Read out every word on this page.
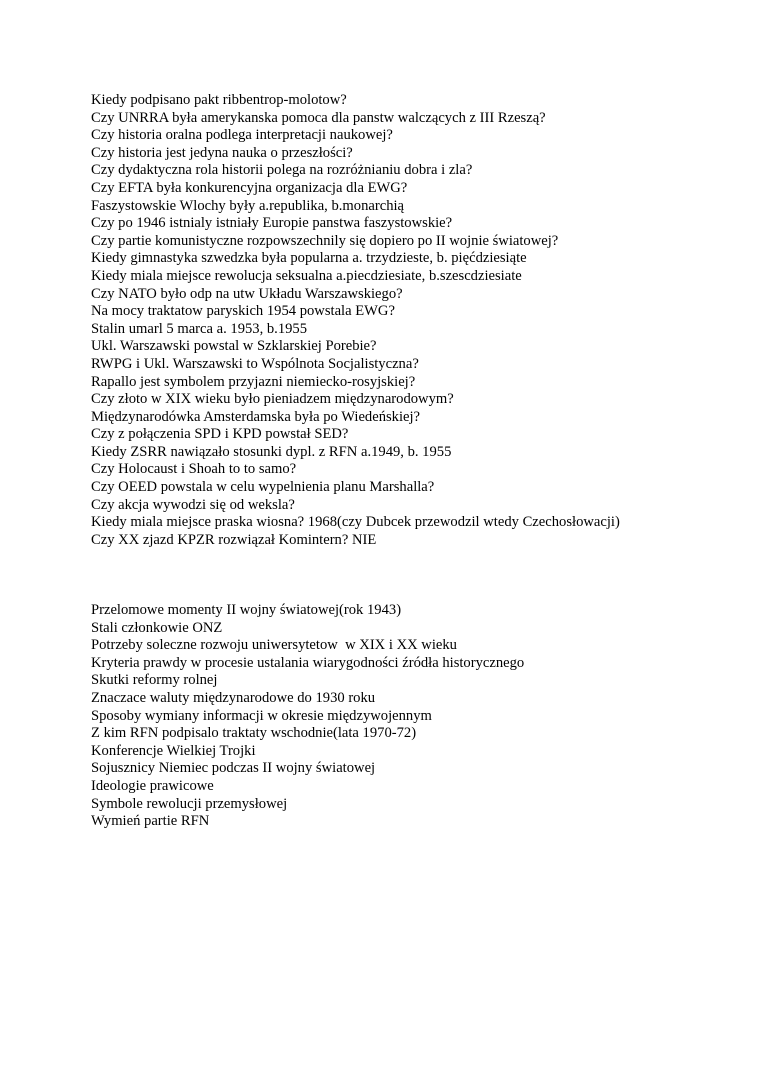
Kiedy podpisano pakt ribbentrop-molotow?
Czy UNRRA była amerykanska pomoca dla panstw walczących z III Rzeszą?
Czy historia oralna podlega interpretacji naukowej?
Czy historia jest jedyna nauka o przeszłości?
Czy dydaktyczna rola historii polega na rozróżnianiu dobra i zla?
Czy EFTA była konkurencyjna organizacja dla EWG?
Faszystowskie Wlochy były a.republika, b.monarchią
Czy po 1946 istnialy istniały Europie panstwa faszystowskie?
Czy partie komunistyczne rozpowszechnily się dopiero po II wojnie światowej?
Kiedy gimnastyka szwedzka była popularna a. trzydzieste, b. pięćdziesiąte
Kiedy miala miejsce rewolucja seksualna a.piecdziesiate, b.szescdziesiate
Czy NATO było odp na utw Układu Warszawskiego?
Na mocy traktatow paryskich 1954 powstala EWG?
Stalin umarl 5 marca a. 1953, b.1955
Ukl. Warszawski powstal w Szklarskiej Porebie?
RWPG i Ukl. Warszawski to Wspólnota Socjalistyczna?
Rapallo jest symbolem przyjazni niemiecko-rosyjskiej?
Czy złoto w XIX wieku było pieniadzem międzynarodowym?
Międzynarodówka Amsterdamska była po Wiedeńskiej?
Czy z połączenia SPD i KPD powstał SED?
Kiedy ZSRR nawiązało stosunki dypl. z RFN a.1949, b. 1955
Czy Holocaust i Shoah to to samo?
Czy OEED powstala w celu wypelnienia planu Marshalla?
Czy akcja wywodzi się od weksla?
Kiedy miala miejsce praska wiosna? 1968(czy Dubcek przewodzil wtedy Czechosłowacji)
Czy XX zjazd KPZR rozwiązał Komintern? NIE
Przelomowe momenty II wojny światowej(rok 1943)
Stali członkowie ONZ
Potrzeby soleczne rozwoju uniwersytetow  w XIX i XX wieku
Kryteria prawdy w procesie ustalania wiarygodności źródła historycznego
Skutki reformy rolnej
Znaczace waluty międzynarodowe do 1930 roku
Sposoby wymiany informacji w okresie międzywojennym
Z kim RFN podpisalo traktaty wschodnie(lata 1970-72)
Konferencje Wielkiej Trojki
Sojusznicy Niemiec podczas II wojny światowej
Ideologie prawicowe
Symbole rewolucji przemysłowej
Wymień partie RFN
